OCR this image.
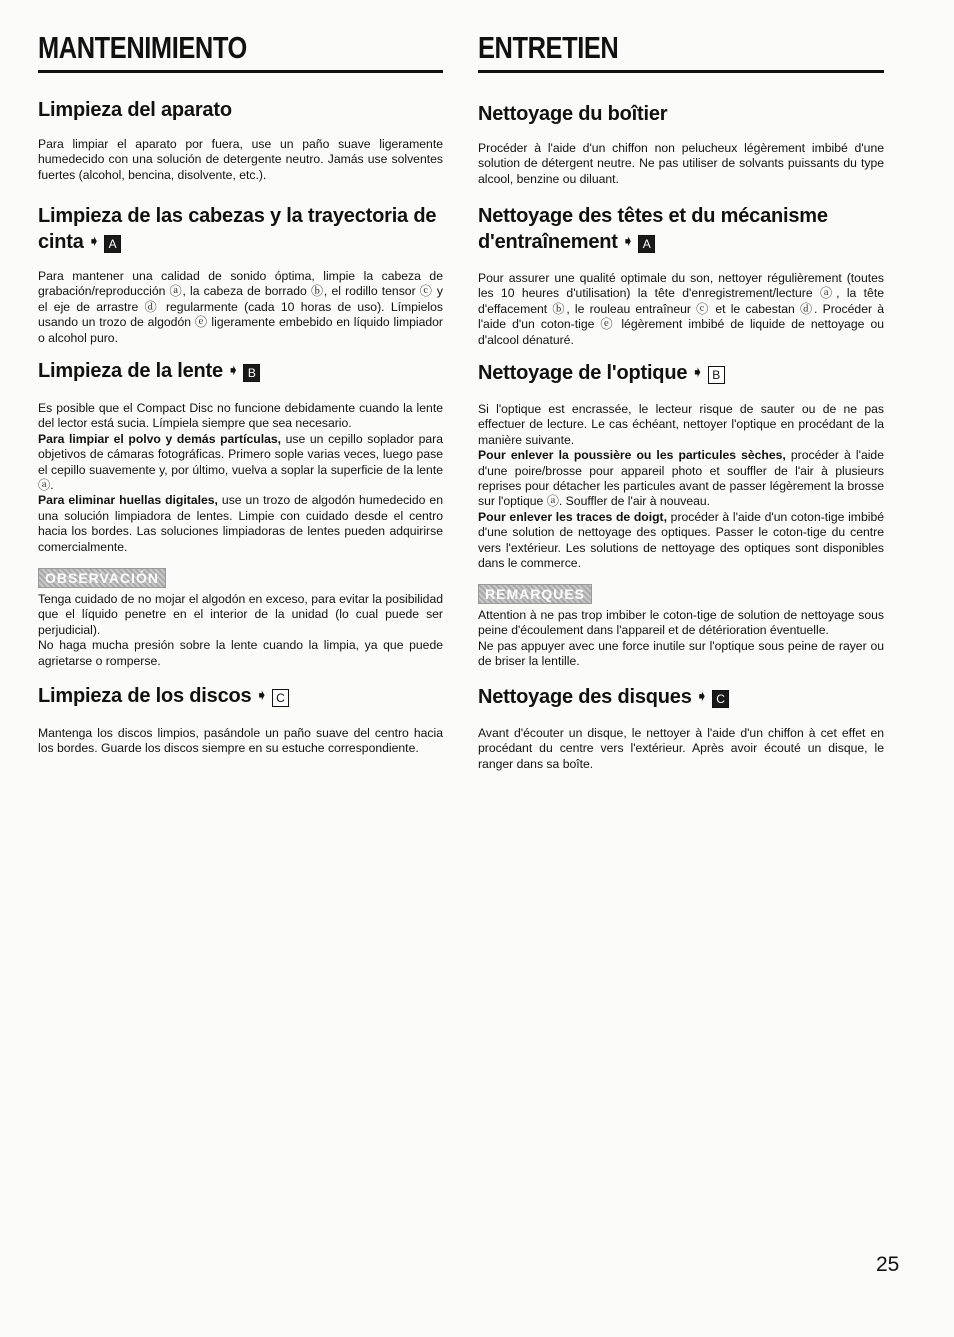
MANTENIMIENTO
Limpieza del aparato

Para limpiar el aparato por fuera, use un paño suave ligeramente humedecido con una solución de detergente neutro. Jamás use solventes fuertes (alcohol, bencina, disolvente, etc.).

Limpieza de las cabezas y la trayectoria de cinta ➧ A

Para mantener una calidad de sonido óptima, limpie la cabeza de grabación/reproducción ⓐ, la cabeza de borrado ⓑ, el rodillo tensor ⓒ y el eje de arrastre ⓓ regularmente (cada 10 horas de uso). Límpielos usando un trozo de algodón ⓔ ligeramente embebido en líquido limpiador o alcohol puro.

Limpieza de la lente ➧ B

Es posible que el Compact Disc no funcione debidamente cuando la lente del lector está sucia. Límpiela siempre que sea necesario.

Para limpiar el polvo y demás partículas, use un cepillo soplador para objetivos de cámaras fotográficas. Primero sople varias veces, luego pase el cepillo suavemente y, por último, vuelva a soplar la superficie de la lente ⓐ.

Para eliminar huellas digitales, use un trozo de algodón humedecido en una solución limpiadora de lentes. Limpie con cuidado desde el centro hacia los bordes. Las soluciones limpiadoras de lentes pueden adquirirse comercialmente.

OBSERVACIÓN

Tenga cuidado de no mojar el algodón en exceso, para evitar la posibilidad que el líquido penetre en el interior de la unidad (lo cual puede ser perjudicial).

No haga mucha presión sobre la lente cuando la limpia, ya que puede agrietarse o romperse.

Limpieza de los discos ➧ C

Mantenga los discos limpios, pasándole un paño suave del centro hacia los bordes. Guarde los discos siempre en su estuche correspondiente.

ENTRETIEN
Nettoyage du boîtier

Procéder à l'aide d'un chiffon non pelucheux légèrement imbibé d'une solution de détergent neutre. Ne pas utiliser de solvants puissants du type alcool, benzine ou diluant.

Nettoyage des têtes et du mécanisme d'entraînement ➧ A

Pour assurer une qualité optimale du son, nettoyer régulièrement (toutes les 10 heures d'utilisation) la tête d'enregistrement/lecture ⓐ, la tête d'effacement ⓑ, le rouleau entraîneur ⓒ et le cabestan ⓓ. Procéder à l'aide d'un coton-tige ⓔ légèrement imbibé de liquide de nettoyage ou d'alcool dénaturé.

Nettoyage de l'optique ➧ B

Si l'optique est encrassée, le lecteur risque de sauter ou de ne pas effectuer de lecture. Le cas échéant, nettoyer l'optique en procédant de la manière suivante.

Pour enlever la poussière ou les particules sèches, procéder à l'aide d'une poire/brosse pour appareil photo et souffler de l'air à plusieurs reprises pour détacher les particules avant de passer légèrement la brosse sur l'optique ⓐ. Souffler de l'air à nouveau.

Pour enlever les traces de doigt, procéder à l'aide d'un coton-tige imbibé d'une solution de nettoyage des optiques. Passer le coton-tige du centre vers l'extérieur. Les solutions de nettoyage des optiques sont disponibles dans le commerce.

REMARQUES

Attention à ne pas trop imbiber le coton-tige de solution de nettoyage sous peine d'écoulement dans l'appareil et de détérioration éventuelle.

Ne pas appuyer avec une force inutile sur l'optique sous peine de rayer ou de briser la lentille.

Nettoyage des disques ➧ C

Avant d'écouter un disque, le nettoyer à l'aide d'un chiffon à cet effet en procédant du centre vers l'extérieur. Après avoir écouté un disque, le ranger dans sa boîte.

25
